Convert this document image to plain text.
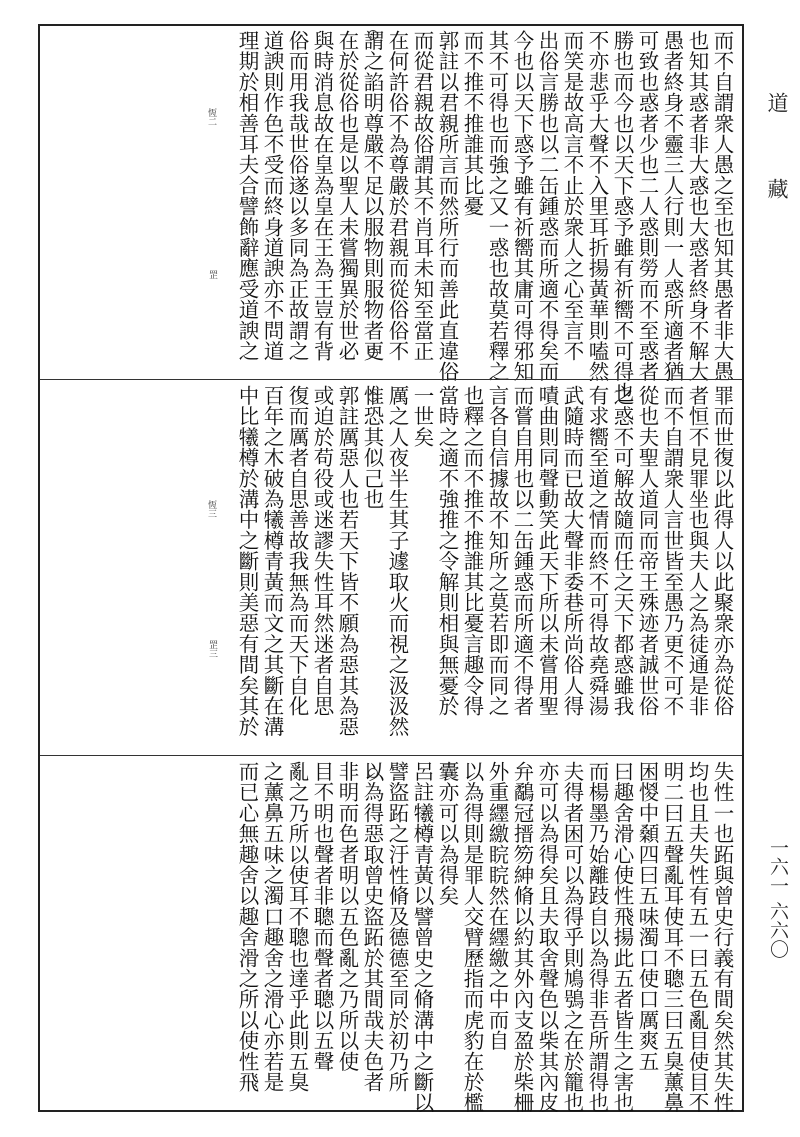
而不自謂衆人愚之至也知其愚者非大愚
也知其惑者非大惑也大惑者終身不解大
愚者終身不靈三人行則一人惑所適者猶
可致也惑者少也二人惑則勞而不至惑者
勝也而今也以天下惑予雖有祈嚮不可得也
不亦悲乎大聲不入里耳折揚黃華則嗑然
而笑是故高言不止於衆人之心至言不
出俗言勝也以二缶鍾惑而所適不得矣而
今也以天下惑予雖有祈嚮其庸可得邪知
其不可得也而強之又一惑也故莫若釋之
而不推不推誰其比憂
郭註以君親所言而然所行而善此直違俗
而從君親故俗謂其不肖耳未知至當正
在何許俗不為尊嚴於君親而從俗俗不
謂之諂明尊嚴不足以服物則服物者更
在於從俗也是以聖人未嘗獨異於世必
與時消息故在皇為皇在王為王豈有背
俗而用我哉世俗遂以多同為正故謂之
道諛則作色不受而終身道諛亦不問道
理期於相善耳夫合譬飾辭應受道諛之
罪而世復以此得人以此聚衆亦為從俗
者恒不見罪坐也與夫人之為徒通是非
而不自謂衆人言世皆至愚乃更不可不
從也夫聖人道同而帝王殊迹者誠世俗
之惑不可解故隨而任之天下都惑雖我
有求嚮至道之情而終不可得故堯舜湯
武隨時而已故大聲非委巷所尚俗人得
嘖曲則同聲動笑此天下所以未嘗用聖
而嘗自用也以二缶鍾惑而所適不得者
言各自信據故不知所之莫若即而同之
也釋之而不推不推誰其比憂言趣令得
當時之適不強推之令解則相與無憂於
一世矣
厲之人夜半生其子遽取火而視之汲汲然
惟恐其似己也
郭註厲惡人也若天下皆不願為惡其為惡
或迫於苟役或迷謬失性耳然迷者自思
復而厲者自思善故我無為而天下自化
百年之木破為犧樽青黃而文之其斷在溝
中比犧樽於溝中之斷則美惡有間矣其於
失性一也跖與曾史行義有間矣然其失性
均也且夫失性有五一曰五色亂目使目不
明二曰五聲亂耳使耳不聰三曰五臭薰鼻
困惾中顙四曰五味濁口使口厲爽五
曰趣舍滑心使性飛揚此五者皆生之害也
而楊墨乃始離跂自以為得非吾所謂得也
夫得者困可以為得乎則鳩鴞之在於籠也
亦可以為得矣且夫取舍聲色以柴其內皮
弁鷸冠搢笏紳脩以約其外內支盈於柴柵
外重纆繳睆睆然在纆繳之中而自
以為得則是罪人交臂歷指而虎豹在於檻
囊亦可以為得矣
呂註犧樽青黃以譬曾史之脩溝中之斷以
譬盜跖之汙性脩及德德至同於初乃所
以為得惡取曾史盜跖於其間哉夫色者
非明而色者明以五色亂之乃所以使
目不明也聲者非聰而聲者聰以五聲
亂之乃所以使耳不聰也達乎此則五臭
之薰鼻五味之濁口趣舍之滑心亦若是
而已心無趣舍以趣舍滑之所以使性飛
恆二
罡
恆三
罡三
道
藏
一六一 六六〇
